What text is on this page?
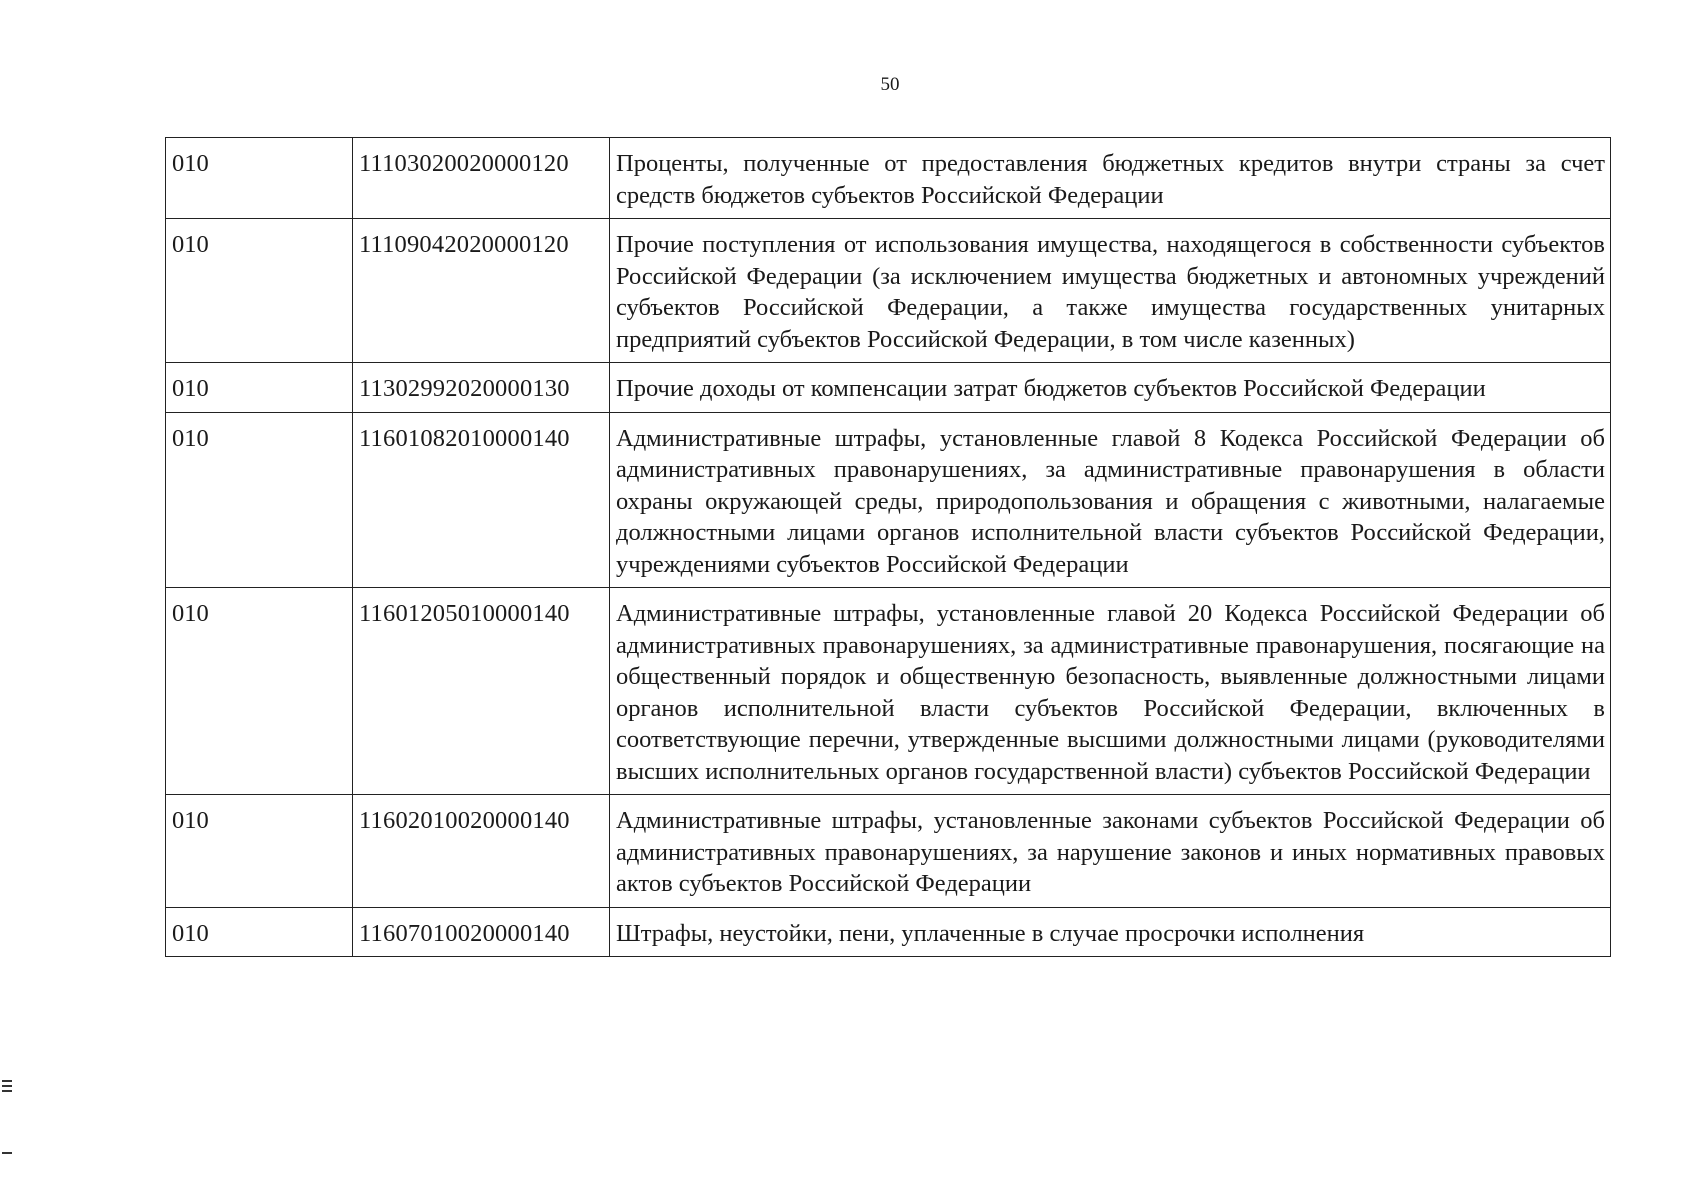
50
010	11103020020000120	Проценты, полученные от предоставления бюджетных кредитов внутри страны за счет средств бюджетов субъектов Российской Федерации
010	11109042020000120	Прочие поступления от использования имущества, находящегося в собственности субъектов Российской Федерации (за исключением имущества бюджетных и автономных учреждений субъектов Российской Федерации, а также имущества государственных унитарных предприятий субъектов Российской Федерации, в том числе казенных)
010	11302992020000130	Прочие доходы от компенсации затрат бюджетов субъектов Российской Федерации
010	11601082010000140	Административные штрафы, установленные главой 8 Кодекса Российской Федерации об административных правонарушениях, за административные правонарушения в области охраны окружающей среды, природопользования и обращения с животными, налагаемые должностными лицами органов исполнительной власти субъектов Российской Федерации, учреждениями субъектов Российской Федерации
010	11601205010000140	Административные штрафы, установленные главой 20 Кодекса Российской Федерации об административных правонарушениях, за административные правонарушения, посягающие на общественный порядок и общественную безопасность, выявленные должностными лицами органов исполнительной власти субъектов Российской Федерации, включенных в соответствующие перечни, утвержденные высшими должностными лицами (руководителями высших исполнительных органов государственной власти) субъектов Российской Федерации
010	11602010020000140	Административные штрафы, установленные законами субъектов Российской Федерации об административных правонарушениях, за нарушение законов и иных нормативных правовых актов субъектов Российской Федерации
010	11607010020000140	Штрафы, неустойки, пени, уплаченные в случае просрочки исполнения
